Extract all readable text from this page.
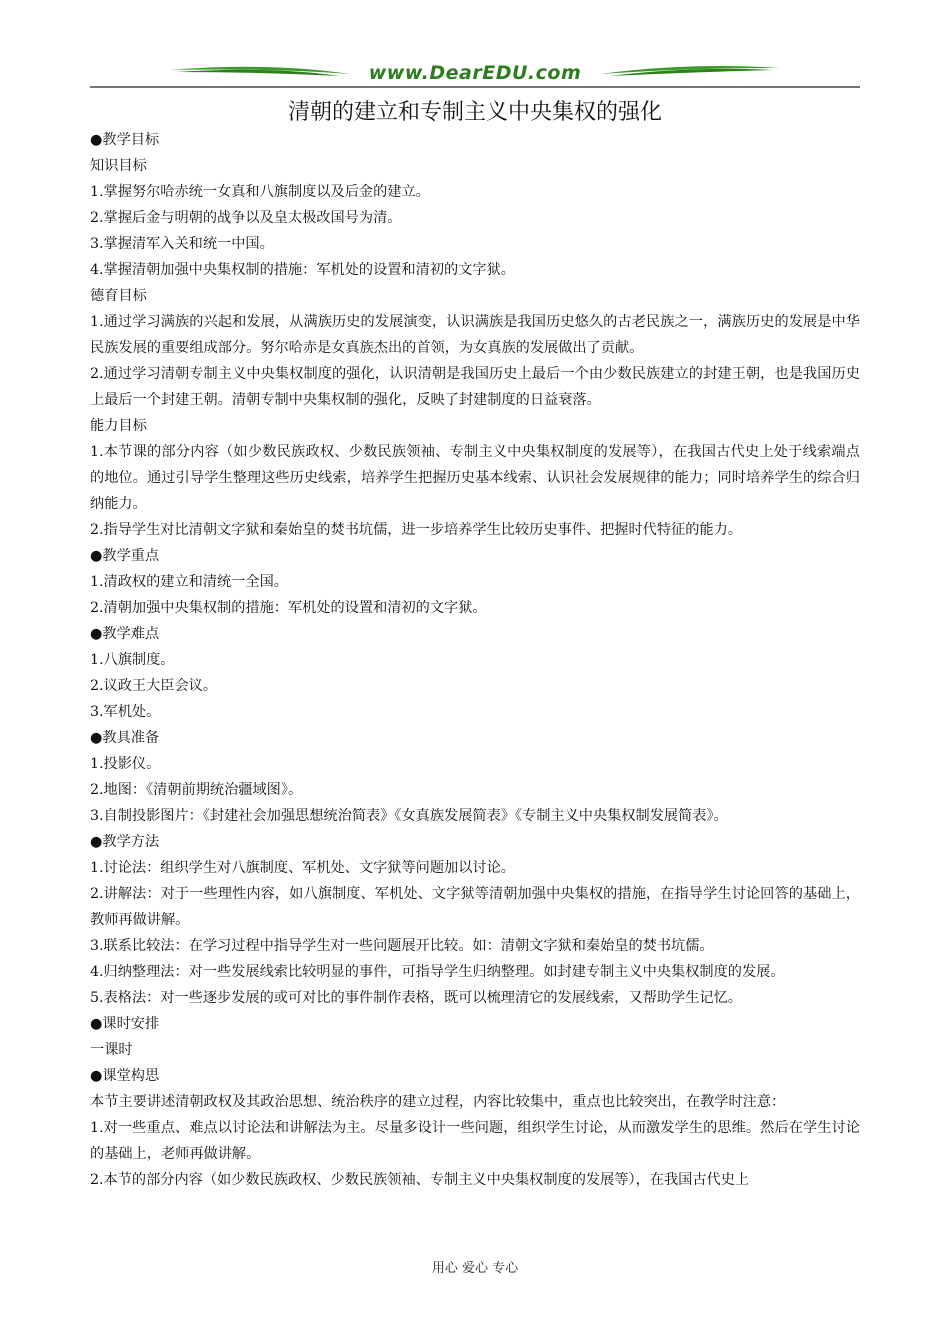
www.DearEDU.com
清朝的建立和专制主义中央集权的强化
●教学目标
知识目标
1.掌握努尔哈赤统一女真和八旗制度以及后金的建立。
2.掌握后金与明朝的战争以及皇太极改国号为清。
3.掌握清军入关和统一中国。
4.掌握清朝加强中央集权制的措施：军机处的设置和清初的文字狱。
德育目标
1.通过学习满族的兴起和发展，从满族历史的发展演变，认识满族是我国历史悠久的古老民族之一，满族历史的发展是中华民族发展的重要组成部分。努尔哈赤是女真族杰出的首领，为女真族的发展做出了贡献。
2.通过学习清朝专制主义中央集权制度的强化，认识清朝是我国历史上最后一个由少数民族建立的封建王朝，也是我国历史上最后一个封建王朝。清朝专制中央集权制的强化，反映了封建制度的日益衰落。
能力目标
1.本节课的部分内容（如少数民族政权、少数民族领袖、专制主义中央集权制度的发展等），在我国古代史上处于线索端点的地位。通过引导学生整理这些历史线索，培养学生把握历史基本线索、认识社会发展规律的能力；同时培养学生的综合归纳能力。
2.指导学生对比清朝文字狱和秦始皇的焚书坑儒，进一步培养学生比较历史事件、把握时代特征的能力。
●教学重点
1.清政权的建立和清统一全国。
2.清朝加强中央集权制的措施：军机处的设置和清初的文字狱。
●教学难点
1.八旗制度。
2.议政王大臣会议。
3.军机处。
●教具准备
1.投影仪。
2.地图：《清朝前期统治疆域图》。
3.自制投影图片：《封建社会加强思想统治简表》《女真族发展简表》《专制主义中央集权制发展简表》。
●教学方法
1.讨论法：组织学生对八旗制度、军机处、文字狱等问题加以讨论。
2.讲解法：对于一些理性内容，如八旗制度、军机处、文字狱等清朝加强中央集权的措施，在指导学生讨论回答的基础上，教师再做讲解。
3.联系比较法：在学习过程中指导学生对一些问题展开比较。如：清朝文字狱和秦始皇的焚书坑儒。
4.归纳整理法：对一些发展线索比较明显的事件，可指导学生归纳整理。如封建专制主义中央集权制度的发展。
5.表格法：对一些逐步发展的或可对比的事件制作表格，既可以梳理清它的发展线索，又帮助学生记忆。
●课时安排
一课时
●课堂构思
本节主要讲述清朝政权及其政治思想、统治秩序的建立过程，内容比较集中，重点也比较突出，在教学时注意：
1.对一些重点、难点以讨论法和讲解法为主。尽量多设计一些问题，组织学生讨论，从而激发学生的思维。然后在学生讨论的基础上，老师再做讲解。
2.本节的部分内容（如少数民族政权、少数民族领袖、专制主义中央集权制度的发展等），在我国古代史上
用心 爱心 专心
